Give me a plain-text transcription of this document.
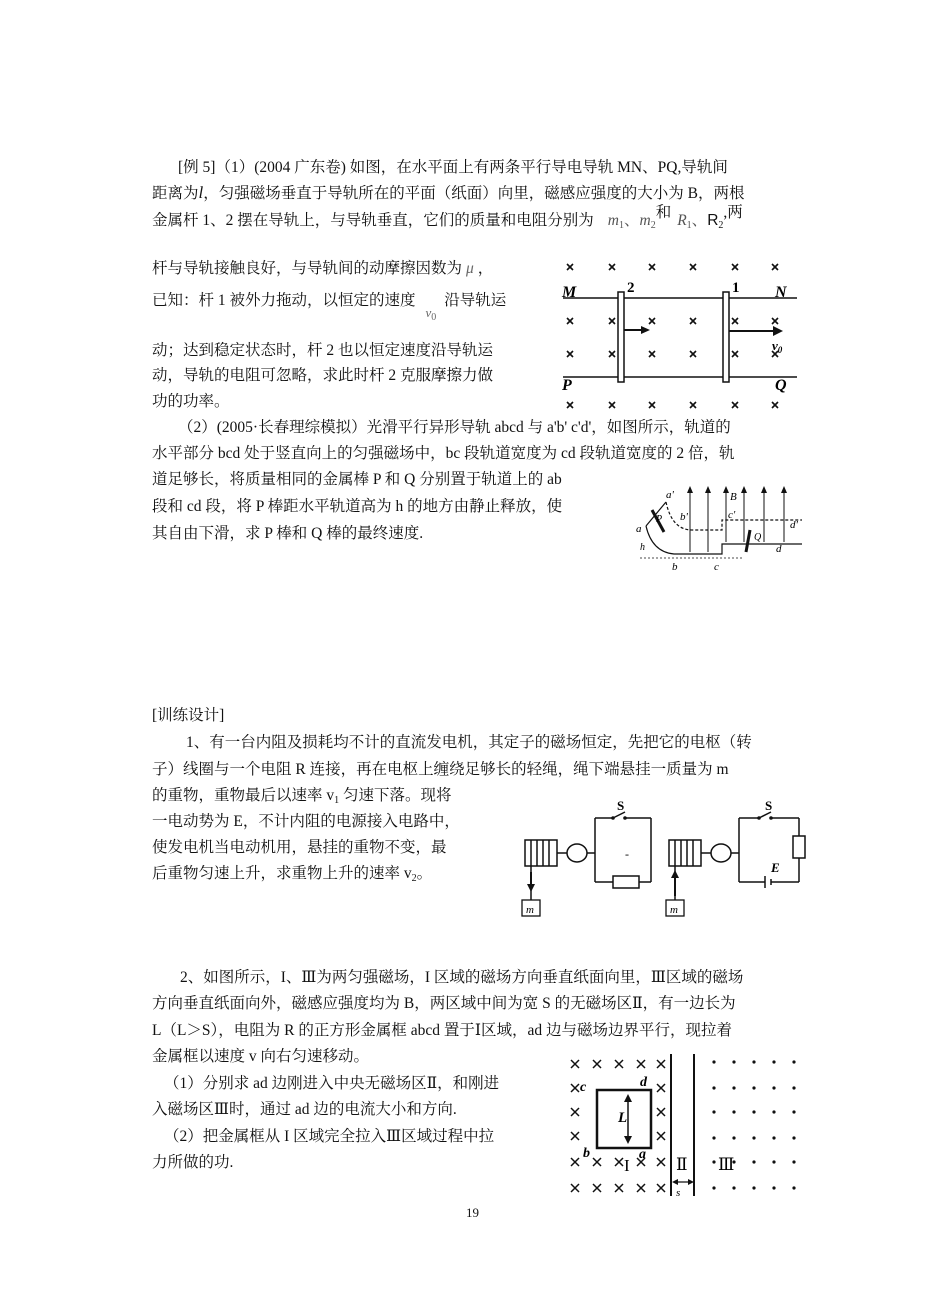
[例 5]（1）(2004 广东卷) 如图，在水平面上有两条平行导电导轨 MN、PQ,导轨间
距离为l，匀强磁场垂直于导轨所在的平面（纸面）向里，磁感应强度的大小为 B，两根
金属杆 1、2 摆在导轨上，与导轨垂直，它们的质量和电阻分别为 $m_1$、$m_2$和 $R_1$、$R_2$,两
杆与导轨接触良好，与导轨间的动摩擦因数为 μ ，
已知：杆 1 被外力拖动，以恒定的速度$_{v0}$沿导轨运
动；达到稳定状态时，杆 2 也以恒定速度沿导轨运
动，导轨的电阻可忽略，求此时杆 2 克服摩擦力做
功的功率。
（2）(2005·长春理综模拟）光滑平行异形导轨 abcd 与 a'b' c'd'，如图所示，轨道的
水平部分 bcd 处于竖直向上的匀强磁场中，bc 段轨道宽度为 cd 段轨道宽度的 2 倍，轨
道足够长，将质量相同的金属棒 P 和 Q 分别置于轨道上的 ab
段和 cd 段，将 P 棒距水平轨道高为 h 的地方由静止释放，使
其自由下滑，求 P 棒和 Q 棒的最终速度.
M	N
P	Q
2	1
$v_0$
a
a'
b'
b	c
c'
d
d'
B
P
Q
h
[训练设计]
1、有一台内阻及损耗均不计的直流发电机，其定子的磁场恒定，先把它的电枢（转
子）线圈与一个电阻 R 连接，再在电枢上缠绕足够长的轻绳，绳下端悬挂一质量为 m
的重物，重物最后以速率 $v_1$ 匀速下落。现将
一电动势为 E，不计内阻的电源接入电路中，
使发电机当电动机用，悬挂的重物不变，最
后重物匀速上升，求重物上升的速率 $v_2$。
m
S
-
m
S
E
2、如图所示，I、Ⅲ为两匀强磁场，I 区域的磁场方向垂直纸面向里，Ⅲ区域的磁场
方向垂直纸面向外，磁感应强度均为 B，两区域中间为宽 S 的无磁场区Ⅱ，有一边长为
L（L＞S），电阻为 R 的正方形金属框 abcd 置于Ⅰ区域，ad 边与磁场边界平行，现拉着
金属框以速度 v 向右匀速移动。
（1）分别求 ad 边刚进入中央无磁场区Ⅱ，和刚进
入磁场区Ⅲ时，通过 ad 边的电流大小和方向.
（2）把金属框从 I 区域完全拉入Ⅲ区域过程中拉
力所做的功.
c	d
b	a
L
I	Ⅱ Ⅲ
s
19
